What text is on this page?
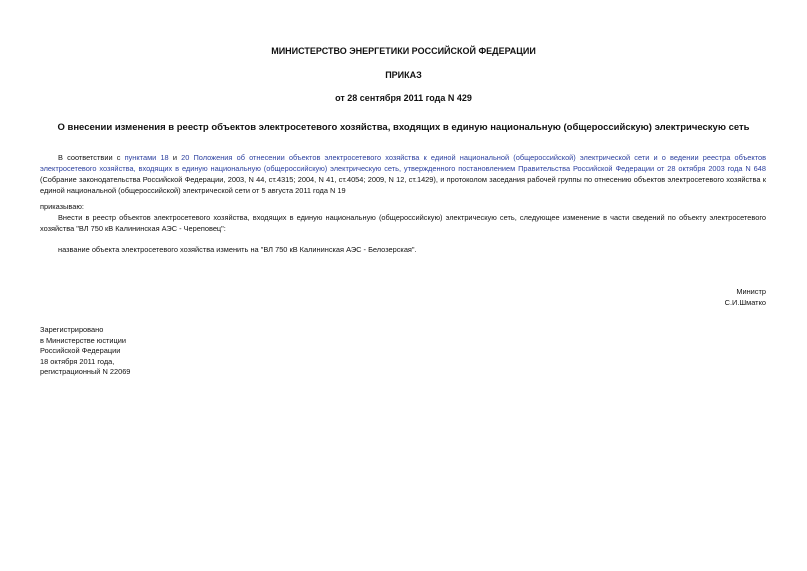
МИНИСТЕРСТВО ЭНЕРГЕТИКИ РОССИЙСКОЙ ФЕДЕРАЦИИ
ПРИКАЗ
от 28 сентября 2011 года N 429
О внесении изменения в реестр объектов электросетевого хозяйства, входящих в единую национальную (общероссийскую) электрическую сеть
В соответствии с пунктами 18 и 20 Положения об отнесении объектов электросетевого хозяйства к единой национальной (общероссийской) электрической сети и о ведении реестра объектов электросетевого хозяйства, входящих в единую национальную (общероссийскую) электрическую сеть, утвержденного постановлением Правительства Российской Федерации от 28 октября 2003 года N 648 (Собрание законодательства Российской Федерации, 2003, N 44, ст.4315; 2004, N 41, ст.4054; 2009, N 12, ст.1429), и протоколом заседания рабочей группы по отнесению объектов электросетевого хозяйства к единой национальной (общероссийской) электрической сети от 5 августа 2011 года N 19
приказываю:
Внести в реестр объектов электросетевого хозяйства, входящих в единую национальную (общероссийскую) электрическую сеть, следующее изменение в части сведений по объекту электросетевого хозяйства "ВЛ 750 кВ Калининская АЭС - Череповец":
название объекта электросетевого хозяйства изменить на "ВЛ 750 кВ Калининская АЭС - Белозерская".
Министр
С.И.Шматко
Зарегистрировано
в Министерстве юстиции
Российской Федерации
18 октября 2011 года,
регистрационный N 22069
